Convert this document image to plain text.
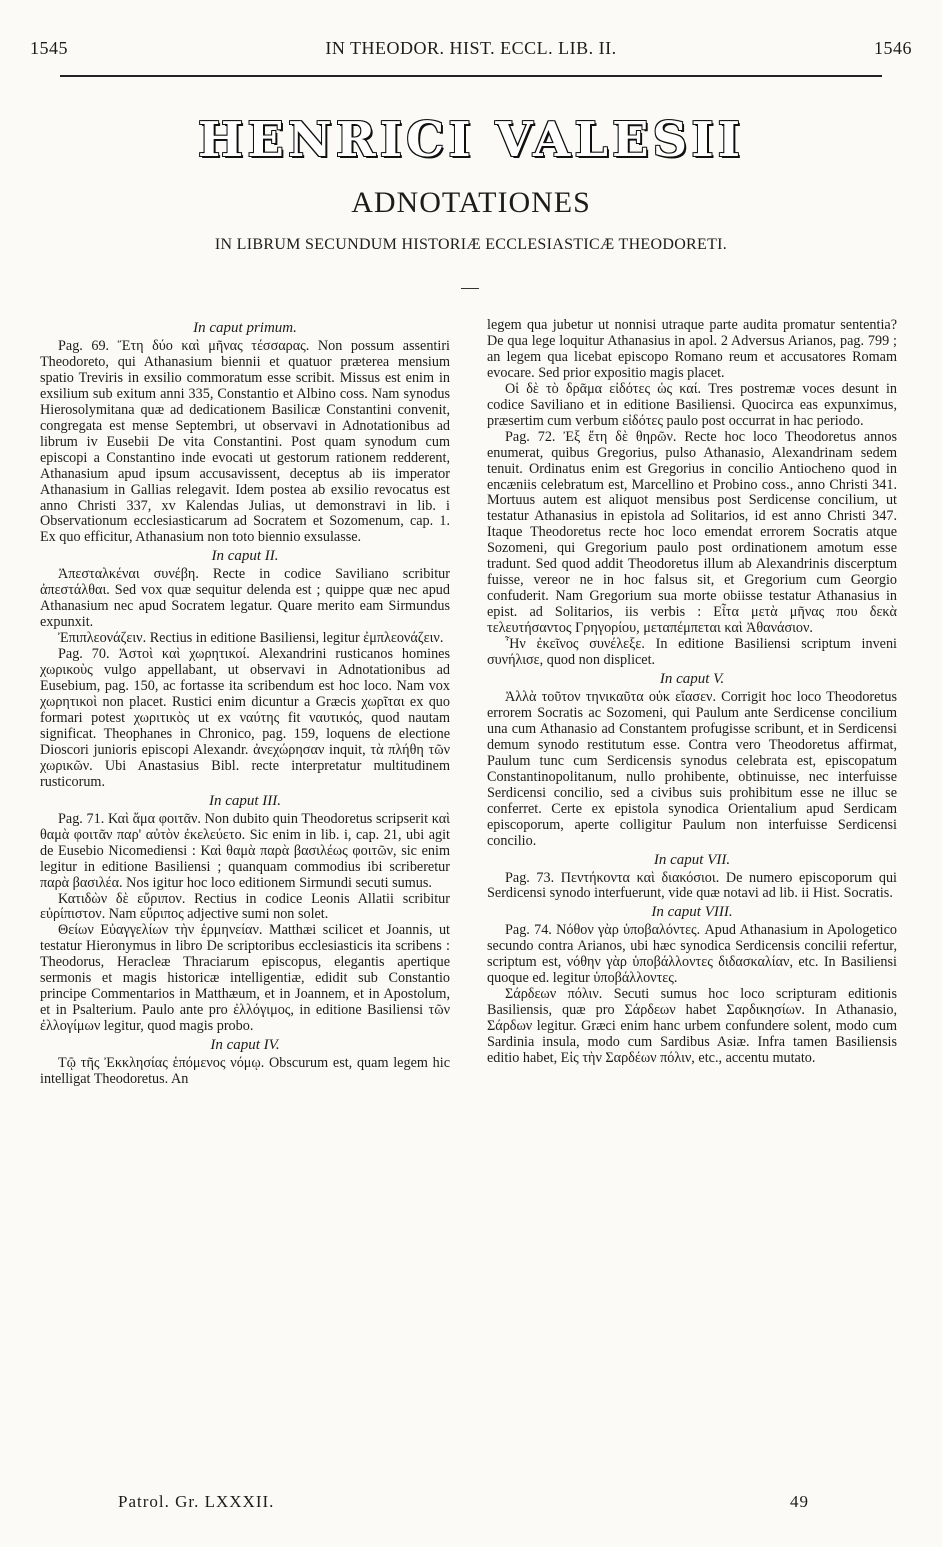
1545	IN THEODOR. HIST. ECCL. LIB. II.	1546
HENRICI VALESII
ADNOTATIONES
IN LIBRUM SECUNDUM HISTORIÆ ECCLESIASTICÆ THEODORETI.
In caput primum.

Pag. 69. Ἔτη δύο καὶ μῆνας τέσσαρας. Non possum assentiri Theodoreto, qui Athanasium biennii et quatuor præterea mensium spatio Treviris in exsilio commoratum esse scribit. Missus est enim in exsilium sub exitum anni 335, Constantio et Albino coss. Nam synodus Hierosolymitana quæ ad dedicationem Basilicæ Constantini convenit, congregata est mense Septembri, ut observavi in Adnotationibus ad librum iv Eusebii De vita Constantini. Post quam synodum cum episcopi a Constantino inde evocati ut gestorum rationem redderent, Athanasium apud ipsum accusavissent, deceptus ab iis imperator Athanasium in Gallias relegavit. Idem postea ab exsilio revocatus est anno Christi 337, xv Kalendas Julias, ut demonstravi in lib. i Observationum ecclesiasticarum ad Socratem et Sozomenum, cap. 1. Ex quo efficitur, Athanasium non toto biennio exsulasse.

In caput II.

Ἀπεσταλκέναι συνέβη. Recte in codice Saviliano scribitur ἀπεστάλθαι. Sed vox quæ sequitur delenda est ; quippe quæ nec apud Athanasium nec apud Socratem legatur. Quare merito eam Sirmundus expunxit.

Ἐπιπλεονάζειν. Rectius in editione Basiliensi, legitur ἐμπλεονάζειν.

Pag. 70. Ἀστοὶ καὶ χωρητικοί. Alexandrini rusticanos homines χωρικοὺς vulgo appellabant, ut observavi in Adnotationibus ad Eusebium, pag. 150, ac fortasse ita scribendum est hoc loco. Nam vox χωρητικοὶ non placet. Rustici enim dicuntur a Græcis χωρῖται ex quo formari potest χωριτικὸς ut ex ναύτης fit ναυτικός, quod nautam significat. Theophanes in Chronico, pag. 159, loquens de electione Dioscori junioris episcopi Alexandr. ἀνεχώρησαν inquit, τὰ πλήθη τῶν χωρικῶν. Ubi Anastasius Bibl. recte interpretatur multitudinem rusticorum.

In caput III.

Pag. 71. Καὶ ἅμα φοιτᾶν. Non dubito quin Theodoretus scripserit καὶ θαμὰ φοιτᾶν παρ' αὐτὸν ἐκελεύετο. Sic enim in lib. i, cap. 21, ubi agit de Eusebio Nicomediensi : Καὶ θαμὰ παρὰ βασιλέως φοιτῶν, sic enim legitur in editione Basiliensi ; quanquam commodius ibi scriberetur παρὰ βασιλέα. Nos igitur hoc loco editionem Sirmundi secuti sumus.

Κατιδὼν δὲ εὔριπον. Rectius in codice Leonis Allatii scribitur εὐρίπιστον. Nam εὔριπος adjective sumi non solet.

Θείων Εὐαγγελίων τὴν ἑρμηνείαν. Matthæi scilicet et Joannis, ut testatur Hieronymus in libro De scriptoribus ecclesiasticis ita scribens : Theodorus, Heracleæ Thraciarum episcopus, elegantis apertique sermonis et magis historicæ intelligentiæ, edidit sub Constantio principe Commentarios in Matthæum, et in Joannem, et in Apostolum, et in Psalterium. Paulo ante pro ἐλλόγιμος, in editione Basiliensi τῶν ἐλλογίμων legitur, quod magis probo.

In caput IV.

Τῷ τῆς Ἐκκλησίας ἑπόμενος νόμῳ. Obscurum est, quam legem hic intelligat Theodoretus. An

legem qua jubetur ut nonnisi utraque parte audita promatur sententia? De qua lege loquitur Athanasius in apol. 2 Adversus Arianos, pag. 799 ; an legem qua licebat episcopo Romano reum et accusatores Romam evocare. Sed prior expositio magis placet.

Οἱ δὲ τὸ δρᾶμα εἰδότες ὡς καί. Tres postremæ voces desunt in codice Saviliano et in editione Basiliensi. Quocirca eas expunximus, præsertim cum verbum εἰδότες paulo post occurrat in hac periodo.

Pag. 72. Ἐξ ἔτη δὲ θηρῶν. Recte hoc loco Theodoretus annos enumerat, quibus Gregorius, pulso Athanasio, Alexandrinam sedem tenuit. Ordinatus enim est Gregorius in concilio Antiocheno quod in encæniis celebratum est, Marcellino et Probino coss., anno Christi 341. Mortuus autem est aliquot mensibus post Serdicense concilium, ut testatur Athanasius in epistola ad Solitarios, id est anno Christi 347. Itaque Theodoretus recte hoc loco emendat errorem Socratis atque Sozomeni, qui Gregorium paulo post ordinationem amotum esse tradunt. Sed quod addit Theodoretus illum ab Alexandrinis discerptum fuisse, vereor ne in hoc falsus sit, et Gregorium cum Georgio confuderit. Nam Gregorium sua morte obiisse testatur Athanasius in epist. ad Solitarios, iis verbis : Εἶτα μετὰ μῆνας που δεκὰ τελευτήσαντος Γρηγορίου, μεταπέμπεται καὶ Ἀθανάσιον.

Ἦν ἐκεῖνος συνέλεξε. In editione Basiliensi scriptum inveni συνήλισε, quod non displicet.

In caput V.

Ἀλλὰ τοῦτον τηνικαῦτα οὐκ εἴασεν. Corrigit hoc loco Theodoretus errorem Socratis ac Sozomeni, qui Paulum ante Serdicense concilium una cum Athanasio ad Constantem profugisse scribunt, et in Serdicensi demum synodo restitutum esse. Contra vero Theodoretus affirmat, Paulum tunc cum Serdicensis synodus celebrata est, episcopatum Constantinopolitanum, nullo prohibente, obtinuisse, nec interfuisse Serdicensi concilio, sed a civibus suis prohibitum esse ne illuc se conferret. Certe ex epistola synodica Orientalium apud Serdicam episcoporum, aperte colligitur Paulum non interfuisse Serdicensi concilio.

In caput VII.

Pag. 73. Πεντήκοντα καὶ διακόσιοι. De numero episcoporum qui Serdicensi synodo interfuerunt, vide quæ notavi ad lib. ii Hist. Socratis.

In caput VIII.

Pag. 74. Νόθον γὰρ ὑποβαλόντες. Apud Athanasium in Apologetico secundo contra Arianos, ubi hæc synodica Serdicensis concilii refertur, scriptum est, νόθην γὰρ ὑποβάλλοντες διδασκαλίαν, etc. In Basiliensi quoque ed. legitur ὑποβάλλοντες.

Σάρδεων πόλιν. Secuti sumus hoc loco scripturam editionis Basiliensis, quæ pro Σάρδεων habet Σαρδικησίων. In Athanasio, Σάρδων legitur. Græci enim hanc urbem confundere solent, modo cum Sardinia insula, modo cum Sardibus Asiæ. Infra tamen Basiliensis editio habet, Εἰς τὴν Σαρδέων πόλιν, etc., accentu mutato.

Patrol. Gr. LXXXII.	49
